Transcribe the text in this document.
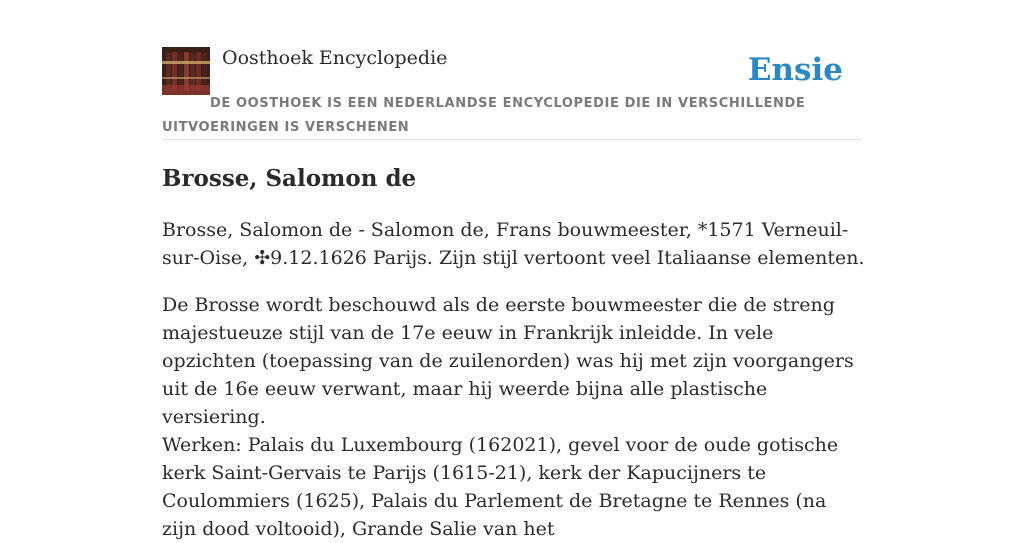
Oosthoek Encyclopedie	Ensie
DE OOSTHOEK IS EEN NEDERLANDSE ENCYCLOPEDIE DIE IN VERSCHILLENDE UITVOERINGEN IS VERSCHENEN
Brosse, Salomon de

Brosse, Salomon de - Salomon de, Frans bouwmeester, *1571 Verneuil-sur-Oise, ✣9.12.1626 Parijs. Zijn stijl vertoont veel Italiaanse elementen.

De Brosse wordt beschouwd als de eerste bouwmeester die de streng majestueuze stijl van de 17e eeuw in Frankrijk inleidde. In vele opzichten (toepassing van de zuilenorden) was hij met zijn voorgangers uit de 16e eeuw verwant, maar hij weerde bijna alle plastische versiering.

Werken: Palais du Luxembourg (162021), gevel voor de oude gotische kerk Saint-Gervais te Parijs (1615-21), kerk der Kapucijners te Coulommiers (1625), Palais du Parlement de Bretagne te Rennes (na zijn dood voltooid), Grande Salie van het
